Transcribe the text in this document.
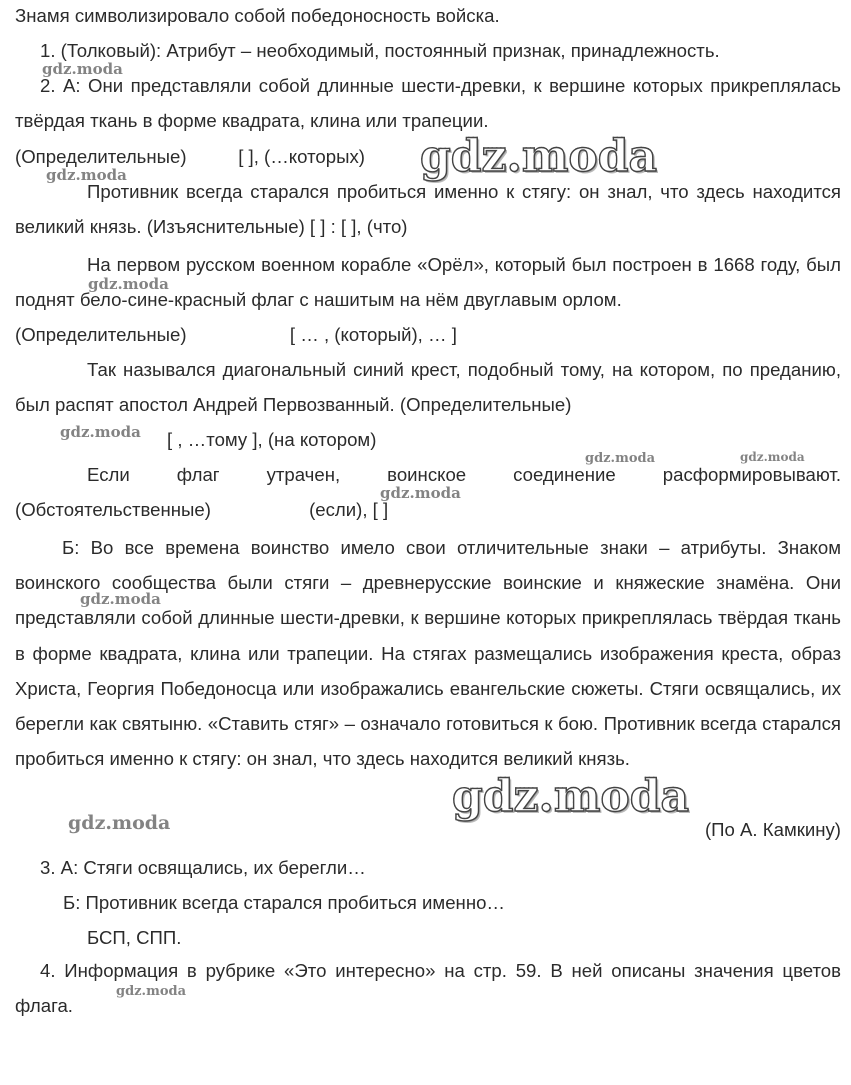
Знамя символизировало собой победоносность войска.
1. (Толковый): Атрибут – необходимый, постоянный признак, принадлежность.

2. А: Они представляли собой длинные шести-древки, к вершине которых прикреплялась твёрдая ткань в форме квадрата, клина или трапеции.

(Определительные)          [ ], (…которых)

Противник всегда старался пробиться именно к стягу: он знал, что здесь находится великий князь. (Изъяснительные) [ ] : [ ], (что)

На первом русском военном корабле «Орёл», который был построен в 1668 году, был поднят бело-сине-красный флаг с нашитым на нём двуглавым орлом.

(Определительные)                    [ … , (который), … ]

Так назывался диагональный синий крест, подобный тому, на котором, по преданию, был распят апостол Андрей Первозванный. (Определительные)

[ , …тому ], (на котором)

Если флаг утрачен, воинское соединение расформировывают.

(Обстоятельственные)                   (если), [ ]

Б: Во все времена воинство имело свои отличительные знаки – атрибуты. Знаком воинского сообщества были стяги – древнерусские воинские и княжеские знамёна. Они представляли собой длинные шести-древки, к вершине которых прикреплялась твёрдая ткань в форме квадрата, клина или трапеции. На стягах размещались изображения креста, образ Христа, Георгия Победоносца или изображались евангельские сюжеты. Стяги освящались, их берегли как святыню. «Ставить стяг» – означало готовиться к бою. Противник всегда старался пробиться именно к стягу: он знал, что здесь находится великий князь.

(По А. Камкину)
3. А: Стяги освящались, их берегли…
Б: Противник всегда старался пробиться именно…
БСП, СПП.

4. Информация в рубрике «Это интересно» на стр. 59. В ней описаны значения цветов флага.

gdz.moda
gdz.moda
gdz.moda
gdz.moda
gdz.moda
gdz.moda	gdz.moda
gdz.moda
gdz.moda
gdz.moda
gdz.moda
gdz.moda
